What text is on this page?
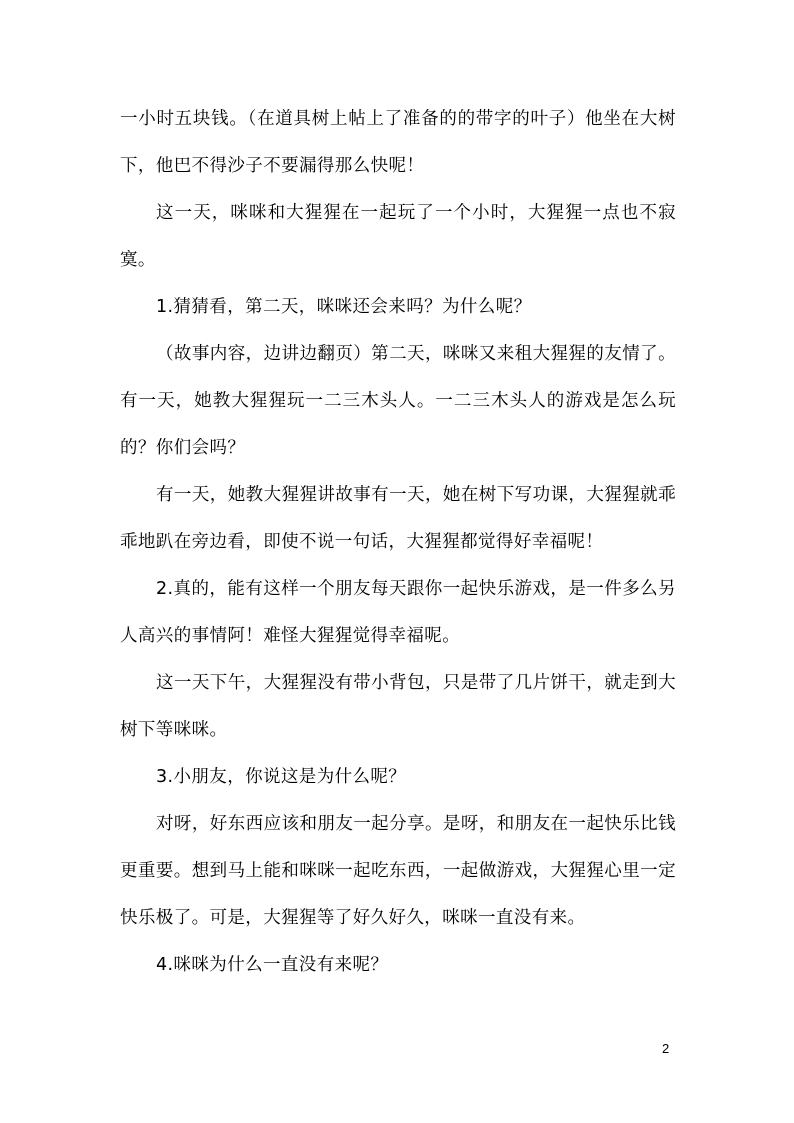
一小时五块钱。（在道具树上帖上了准备的的带字的叶子）他坐在大树下，他巴不得沙子不要漏得那么快呢！

这一天，咪咪和大猩猩在一起玩了一个小时，大猩猩一点也不寂寞。

1.猜猜看，第二天，咪咪还会来吗？为什么呢？

（故事内容，边讲边翻页）第二天，咪咪又来租大猩猩的友情了。有一天，她教大猩猩玩一二三木头人。一二三木头人的游戏是怎么玩的？你们会吗？

有一天，她教大猩猩讲故事有一天，她在树下写功课，大猩猩就乖乖地趴在旁边看，即使不说一句话，大猩猩都觉得好幸福呢！

2.真的，能有这样一个朋友每天跟你一起快乐游戏，是一件多么另人高兴的事情阿！难怪大猩猩觉得幸福呢。

这一天下午，大猩猩没有带小背包，只是带了几片饼干，就走到大树下等咪咪。

3.小朋友，你说这是为什么呢？

对呀，好东西应该和朋友一起分享。是呀，和朋友在一起快乐比钱更重要。想到马上能和咪咪一起吃东西，一起做游戏，大猩猩心里一定快乐极了。可是，大猩猩等了好久好久，咪咪一直没有来。

4.咪咪为什么一直没有来呢？

2
